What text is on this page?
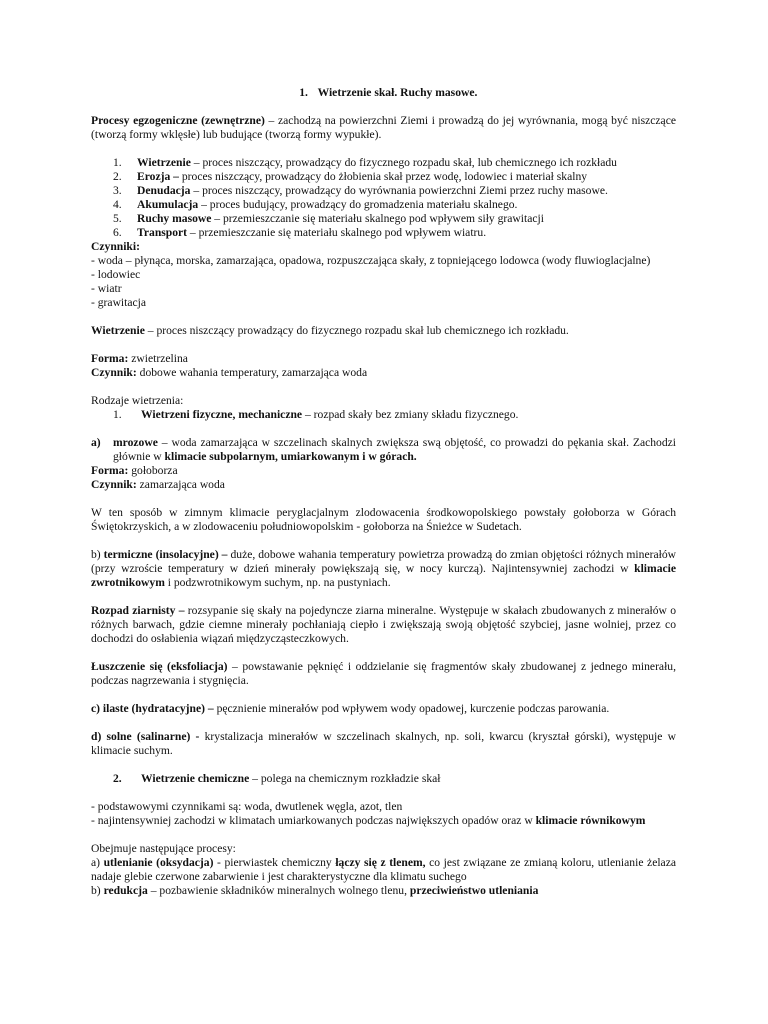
1. Wietrzenie skał. Ruchy masowe.

Procesy egzogeniczne (zewnętrzne) – zachodzą na powierzchni Ziemi i prowadzą do jej wyrównania, mogą być niszczące (tworzą formy wklęsłe) lub budujące (tworzą formy wypukłe).

1. Wietrzenie – proces niszczący, prowadzący do fizycznego rozpadu skał, lub chemicznego ich rozkładu
2. Erozja – proces niszczący, prowadzący do żłobienia skał przez wodę, lodowiec i materiał skalny
3. Denudacja – proces niszczący, prowadzący do wyrównania powierzchni Ziemi przez ruchy masowe.
4. Akumulacja – proces budujący, prowadzący do gromadzenia materiału skalnego.
5. Ruchy masowe – przemieszczanie się materiału skalnego pod wpływem siły grawitacji
6. Transport – przemieszczanie się materiału skalnego pod wpływem wiatru.

Czynniki:

- woda – płynąca, morska, zamarzająca, opadowa, rozpuszczająca skały, z topniejącego lodowca (wody fluwioglacjalne)

- lodowiec

- wiatr

- grawitacja

Wietrzenie – proces niszczący prowadzący do fizycznego rozpadu skał lub chemicznego ich rozkładu.

Forma: zwietrzelina

Czynnik: dobowe wahania temperatury, zamarzająca woda

Rodzaje wietrzenia:

1. Wietrzeni fizyczne, mechaniczne – rozpad skały bez zmiany składu fizycznego.

a) mrozowe – woda zamarzająca w szczelinach skalnych zwiększa swą objętość, co prowadzi do pękania skał. Zachodzi głównie w klimacie subpolarnym, umiarkowanym i w górach.

Forma: gołoborza

Czynnik: zamarzająca woda

W ten sposób w zimnym klimacie peryglacjalnym zlodowacenia środkowopolskiego powstały gołoborza w Górach Świętokrzyskich, a w zlodowaceniu południowopolskim - gołoborza na Śnieżce w Sudetach.

b) termiczne (insolacyjne) – duże, dobowe wahania temperatury powietrza prowadzą do zmian objętości różnych minerałów (przy wzroście temperatury w dzień minerały powiększają się, w nocy kurczą). Najintensywniej zachodzi w klimacie zwrotnikowym i podzwrotnikowym suchym, np. na pustyniach.

Rozpad ziarnisty – rozsypanie się skały na pojedyncze ziarna mineralne. Występuje w skałach zbudowanych z minerałów o różnych barwach, gdzie ciemne minerały pochłaniają ciepło i zwiększają swoją objętość szybciej, jasne wolniej, przez co dochodzi do osłabienia wiązań międzycząsteczkowych.

Łuszczenie się (eksfoliacja) – powstawanie pęknięć i oddzielanie się fragmentów skały zbudowanej z jednego minerału, podczas nagrzewania i stygnięcia.

c) ilaste (hydratacyjne) – pęcznienie minerałów pod wpływem wody opadowej, kurczenie podczas parowania.

d) solne (salinarne) - krystalizacja minerałów w szczelinach skalnych, np. soli, kwarcu (kryształ górski), występuje w klimacie suchym.

2. Wietrzenie chemiczne – polega na chemicznym rozkładzie skał

- podstawowymi czynnikami są: woda, dwutlenek węgla, azot, tlen

- najintensywniej zachodzi w klimatach umiarkowanych podczas największych opadów oraz w klimacie równikowym

Obejmuje następujące procesy:

a) utlenianie (oksydacja) - pierwiastek chemiczny łączy się z tlenem, co jest związane ze zmianą koloru, utlenianie żelaza nadaje glebie czerwone zabarwienie i jest charakterystyczne dla klimatu suchego

b) redukcja – pozbawienie składników mineralnych wolnego tlenu, przeciwieństwo utleniania
